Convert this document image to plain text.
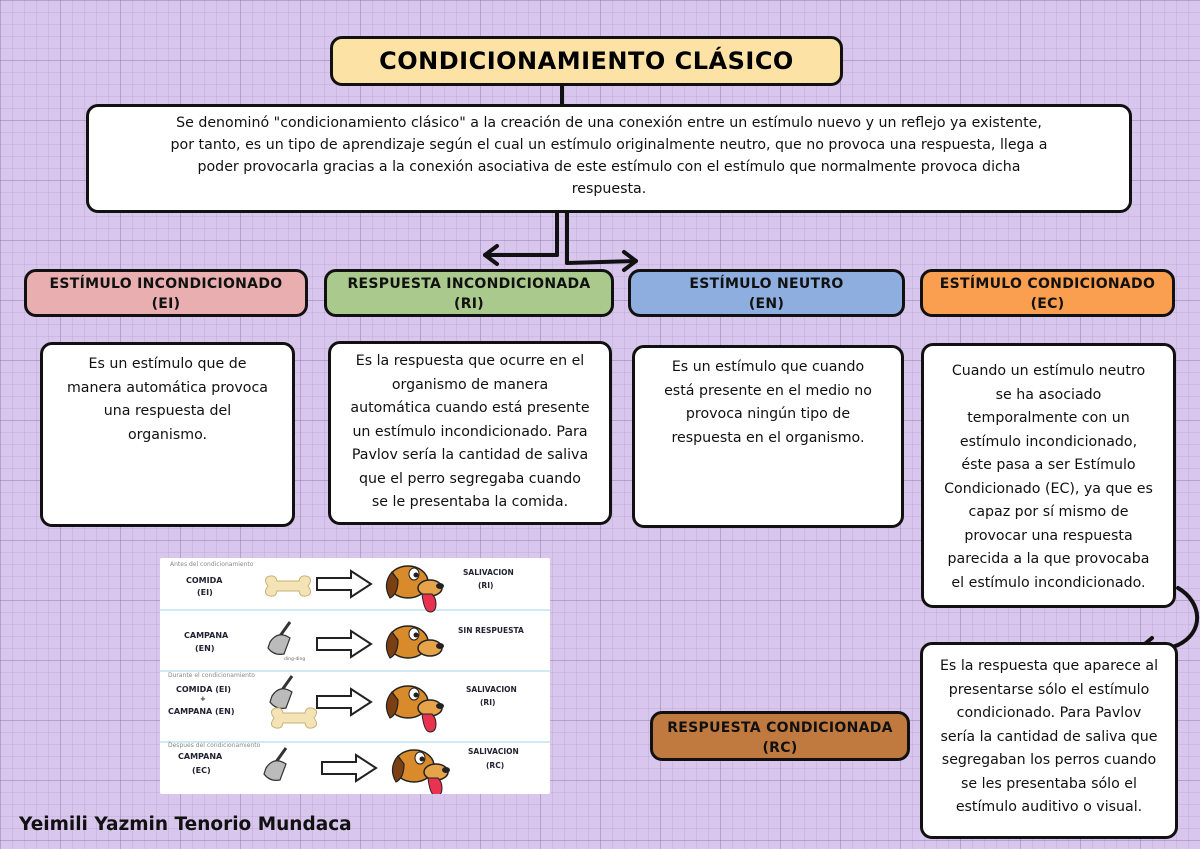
CONDICIONAMIENTO CLÁSICO
Se denominó "condicionamiento clásico" a la creación de una conexión entre un estímulo nuevo y un reflejo ya existente,
por tanto, es un tipo de aprendizaje según el cual un estímulo originalmente neutro, que no provoca una respuesta, llega a
poder provocarla gracias a la conexión asociativa de este estímulo con el estímulo que normalmente provoca dicha
respuesta.
ESTÍMULO INCONDICIONADO
(EI)
Es un estímulo que de
manera automática provoca
una respuesta del
organismo.
RESPUESTA INCONDICIONADA
(RI)
Es la respuesta que ocurre en el
organismo de manera
automática cuando está presente
un estímulo incondicionado. Para
Pavlov sería la cantidad de saliva
que el perro segregaba cuando
se le presentaba la comida.
ESTÍMULO NEUTRO
(EN)
Es un estímulo que cuando
está presente en el medio no
provoca ningún tipo de
respuesta en el organismo.
ESTÍMULO CONDICIONADO
(EC)
Cuando un estímulo neutro
se ha asociado
temporalmente con un
estímulo incondicionado,
éste pasa a ser Estímulo
Condicionado (EC), ya que es
capaz por sí mismo de
provocar una respuesta
parecida a la que provocaba
el estímulo incondicionado.
RESPUESTA CONDICIONADA
(RC)
Es la respuesta que aparece al
presentarse sólo el estímulo
condicionado. Para Pavlov
sería la cantidad de saliva que
segregaban los perros cuando
se les presentaba sólo el
estímulo auditivo o visual.
Antes del condicionamiento
Durante el condicionamiento
Despues del condicionamiento
COMIDA
(EI)
SALIVACION
(RI)
CAMPANA
(EN)
ding-ding
SIN RESPUESTA
COMIDA (EI)
+
CAMPANA (EN)
SALIVACION
(RI)
CAMPANA
(EC)
SALIVACION
(RC)
Yeimili Yazmin Tenorio Mundaca
